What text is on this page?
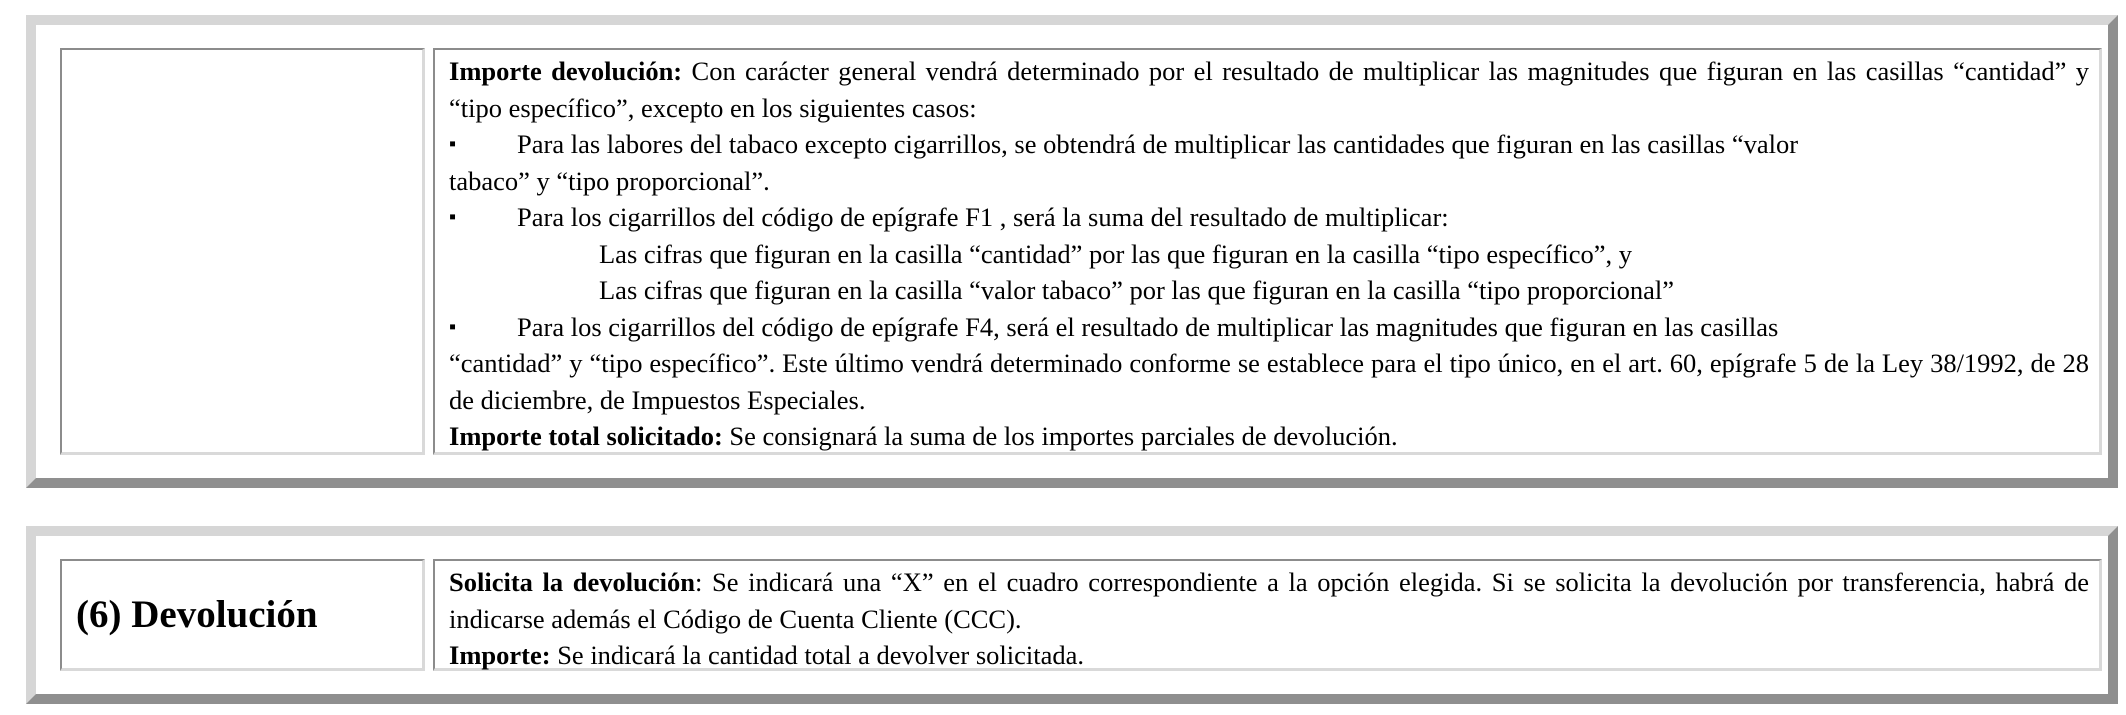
Importe devolución: Con carácter general vendrá determinado por el resultado de multiplicar las magnitudes que figuran en las casillas “cantidad” y “tipo específico”, excepto en los siguientes casos:

▪	Para las labores del tabaco excepto cigarrillos, se obtendrá de multiplicar las cantidades que figuran en las casillas “valor

tabaco” y “tipo proporcional”.

▪	Para los cigarrillos del código de epígrafe F1 , será la suma del resultado de multiplicar:

Las cifras que figuran en la casilla “cantidad” por las que figuran en la casilla “tipo específico”, y

Las cifras que figuran en la casilla “valor tabaco” por las que figuran en la casilla “tipo proporcional”

▪	Para los cigarrillos del código de epígrafe F4, será el resultado de multiplicar las magnitudes que figuran en las casillas

“cantidad” y “tipo específico”. Este último vendrá determinado conforme se establece para el tipo único, en el art. 60, epígrafe 5 de la Ley 38/1992, de 28 de diciembre, de Impuestos Especiales.

Importe total solicitado: Se consignará la suma de los importes parciales de devolución.

(6) Devolución

Solicita la devolución: Se indicará una “X” en el cuadro correspondiente a la opción elegida. Si se solicita la devolución por transferencia, habrá de indicarse además el Código de Cuenta Cliente (CCC).

Importe: Se indicará la cantidad total a devolver solicitada.
